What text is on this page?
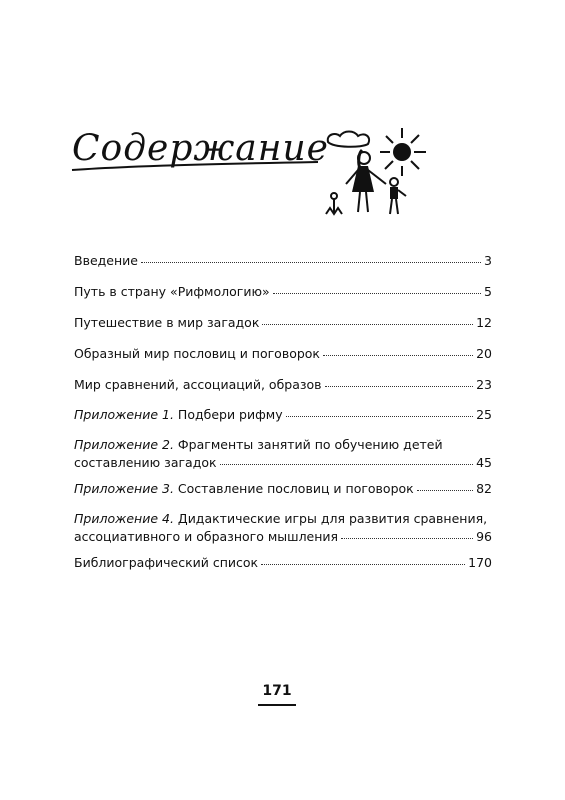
Содержание
Введение	3
Путь в страну «Рифмологию»	5
Путешествие в мир загадок	12
Образный мир пословиц и поговорок	20
Мир сравнений, ассоциаций, образов	23
Приложение 1. Подбери рифму	25
Приложение 2. Фрагменты занятий по обучению детей
составлению загадок	45
Приложение 3. Составление пословиц и поговорок	82
Приложение 4. Дидактические игры для развития сравнения,
ассоциативного и образного мышления	96
Библиографический список	170
171
